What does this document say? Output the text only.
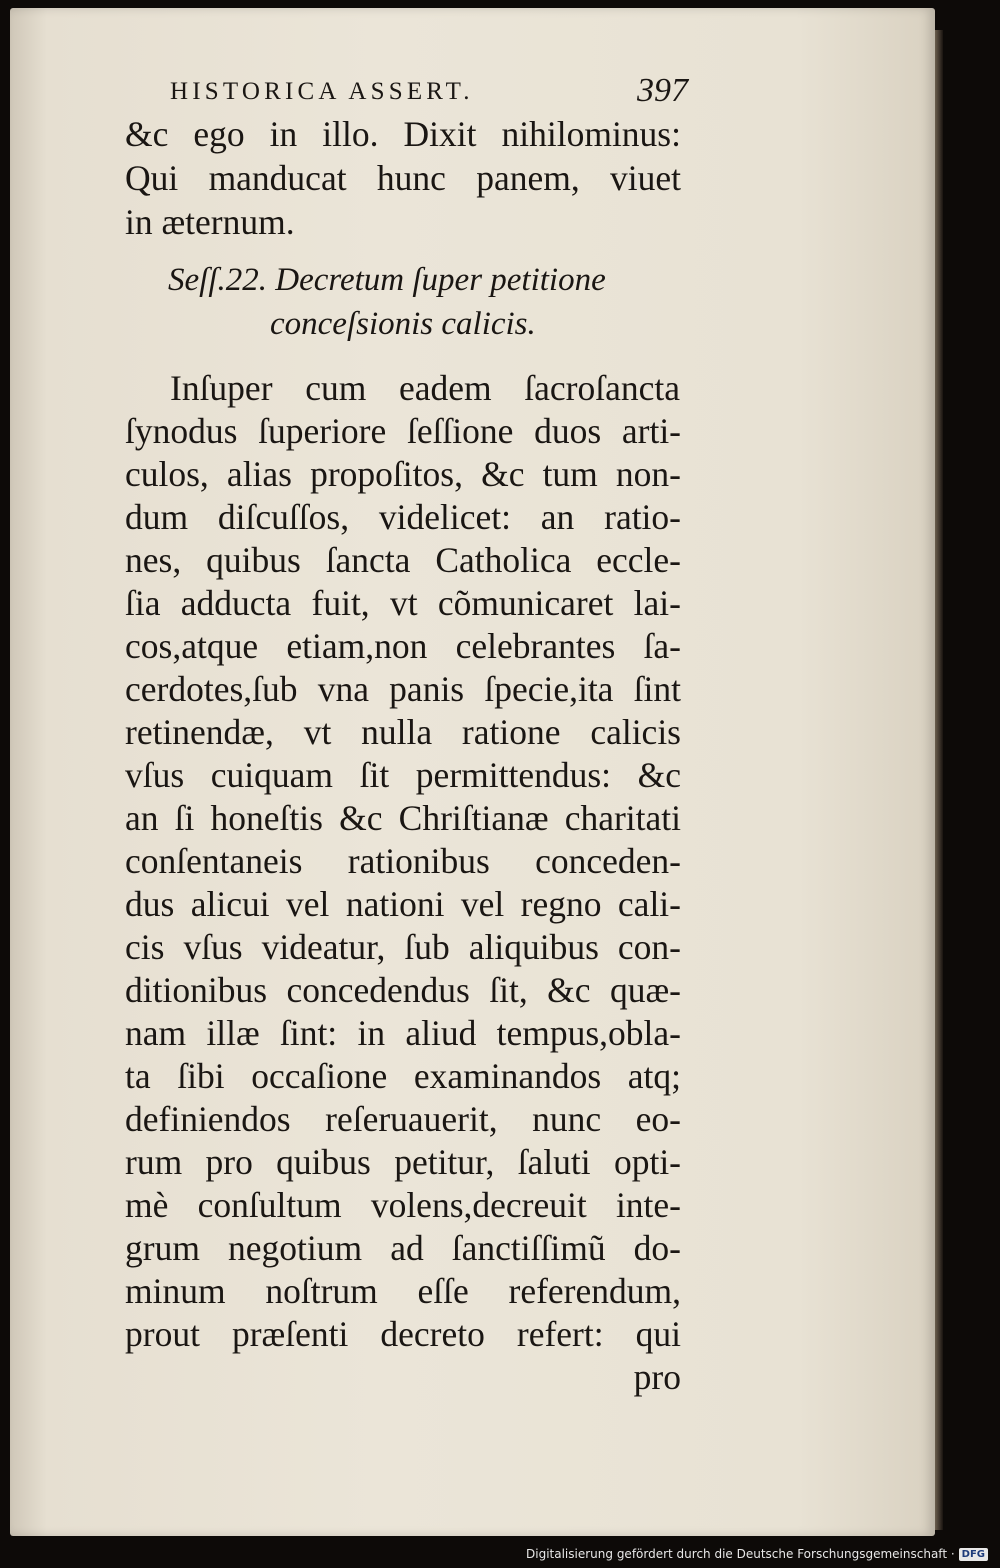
HISTORICA ASSERT.	397
&c ego in illo. Dixit nihilominus:
Qui manducat hunc panem, viuet
in æternum.
Seſſ.22. Decretum ſuper petitione
conceſsionis calicis.
Inſuper cum eadem ſacroſancta
ſynodus ſuperiore ſeſſione duos arti-
culos, alias propoſitos, &c tum non-
dum diſcuſſos, videlicet: an ratio-
nes, quibus ſancta Catholica eccle-
ſia adducta fuit, vt cõmunicaret lai-
cos,atque etiam,non celebrantes ſa-
cerdotes,ſub vna panis ſpecie,ita ſint
retinendæ, vt nulla ratione calicis
vſus cuiquam ſit permittendus: &c
an ſi honeſtis &c Chriſtianæ charitati
conſentaneis rationibus conceden-
dus alicui vel nationi vel regno cali-
cis vſus videatur, ſub aliquibus con-
ditionibus concedendus ſit, &c quæ-
nam illæ ſint: in aliud tempus,obla-
ta ſibi occaſione examinandos atq;
definiendos reſeruauerit, nunc eo-
rum pro quibus petitur, ſaluti opti-
mè conſultum volens,decreuit inte-
grum negotium ad ſanctiſſimũ do-
minum noſtrum eſſe referendum,
prout præſenti decreto refert: qui
pro
Digitalisierung gefördert durch die Deutsche Forschungsgemeinschaft · DFG
